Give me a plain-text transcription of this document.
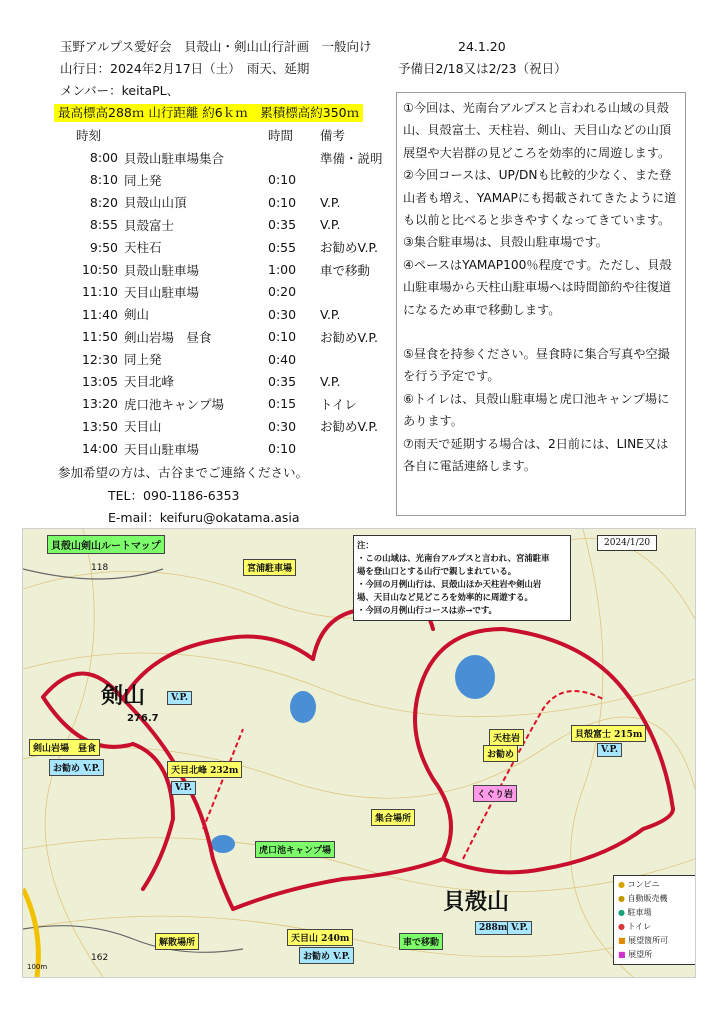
玉野アルプス愛好会　貝殻山・剣山山行計画　一般向け	24.1.20
山行日：2024年2月17日（土）　雨天、延期	予備日2/18又は2/23（祝日）
メンバー：keitaPL、
最高標高288ｍ 山行距離 約6ｋｍ　累積標高約350ｍ
時刻		時間	備考
8:00	貝殻山駐車場集合		準備・説明
8:10	同上発	0:10	
8:20	貝殻山山頂	0:10	V.P.
8:55	貝殻富士	0:35	V.P.
9:50	天柱石	0:55	お勧めV.P.
10:50	貝殻山駐車場	1:00	車で移動
11:10	天目山駐車場	0:20	
11:40	剣山	0:30	V.P.
11:50	剣山岩場　昼食	0:10	お勧めV.P.
12:30	同上発	0:40	
13:05	天目北峰	0:35	V.P.
13:20	虎口池キャンプ場	0:15	トイレ
13:50	天目山	0:30	お勧めV.P.
14:00	天目山駐車場	0:10	
参加希望の方は、古谷までご連絡ください。
TEL：090-1186-6353
E-mail：keifuru@okatama.asia

①今回は、光南台アルプスと言われる山域の貝殻山、貝殻富士、天柱岩、剣山、天目山などの山頂展望や大岩群の見どころを効率的に周遊します。

②今回コースは、UP/DNも比較的少なく、また登山者も増え、YAMAPにも掲載されてきたように道も以前と比べると歩きやすくなってきています。

③集合駐車場は、貝殻山駐車場です。

④ペースはYAMAP100％程度です。ただし、貝殻山駐車場から天柱山駐車場へは時間節約や往復道になるため車で移動します。

⑤昼食を持参ください。昼食時に集合写真や空撮を行う予定です。

⑥トイレは、貝殻山駐車場と虎口池キャンプ場にあります。

⑦雨天で延期する場合は、2日前には、LINE又は各自に電話連絡します。

貝殻山剣山ルートマップ
宮浦駐車場
118
注：
・この山域は、光南台アルプスと言われ、宮浦駐車
場を登山口とする山行で親しまれている。
・今回の月例山行は、貝殻山ほか天柱岩や剣山岩
場、天目山など見どころを効率的に周遊する。
・今回の月例山行コースは赤→です。
2024/1/20
剣山
276.7
V.P.
剣山岩場　昼食
お勧め V.P.	天目北峰 232m
V.P.
虎口池キャンプ場
解散場所	天目山 240m
お勧め V.P.
集合場所
車で移動
貝殻山
288m V.P.
天柱岩
お勧め
くぐり岩
貝殻富士 215m
V.P.
● コンビニ
● 自動販売機
● 駐車場
● トイレ
■ 展望箇所可
■ 展望所
162
100m
